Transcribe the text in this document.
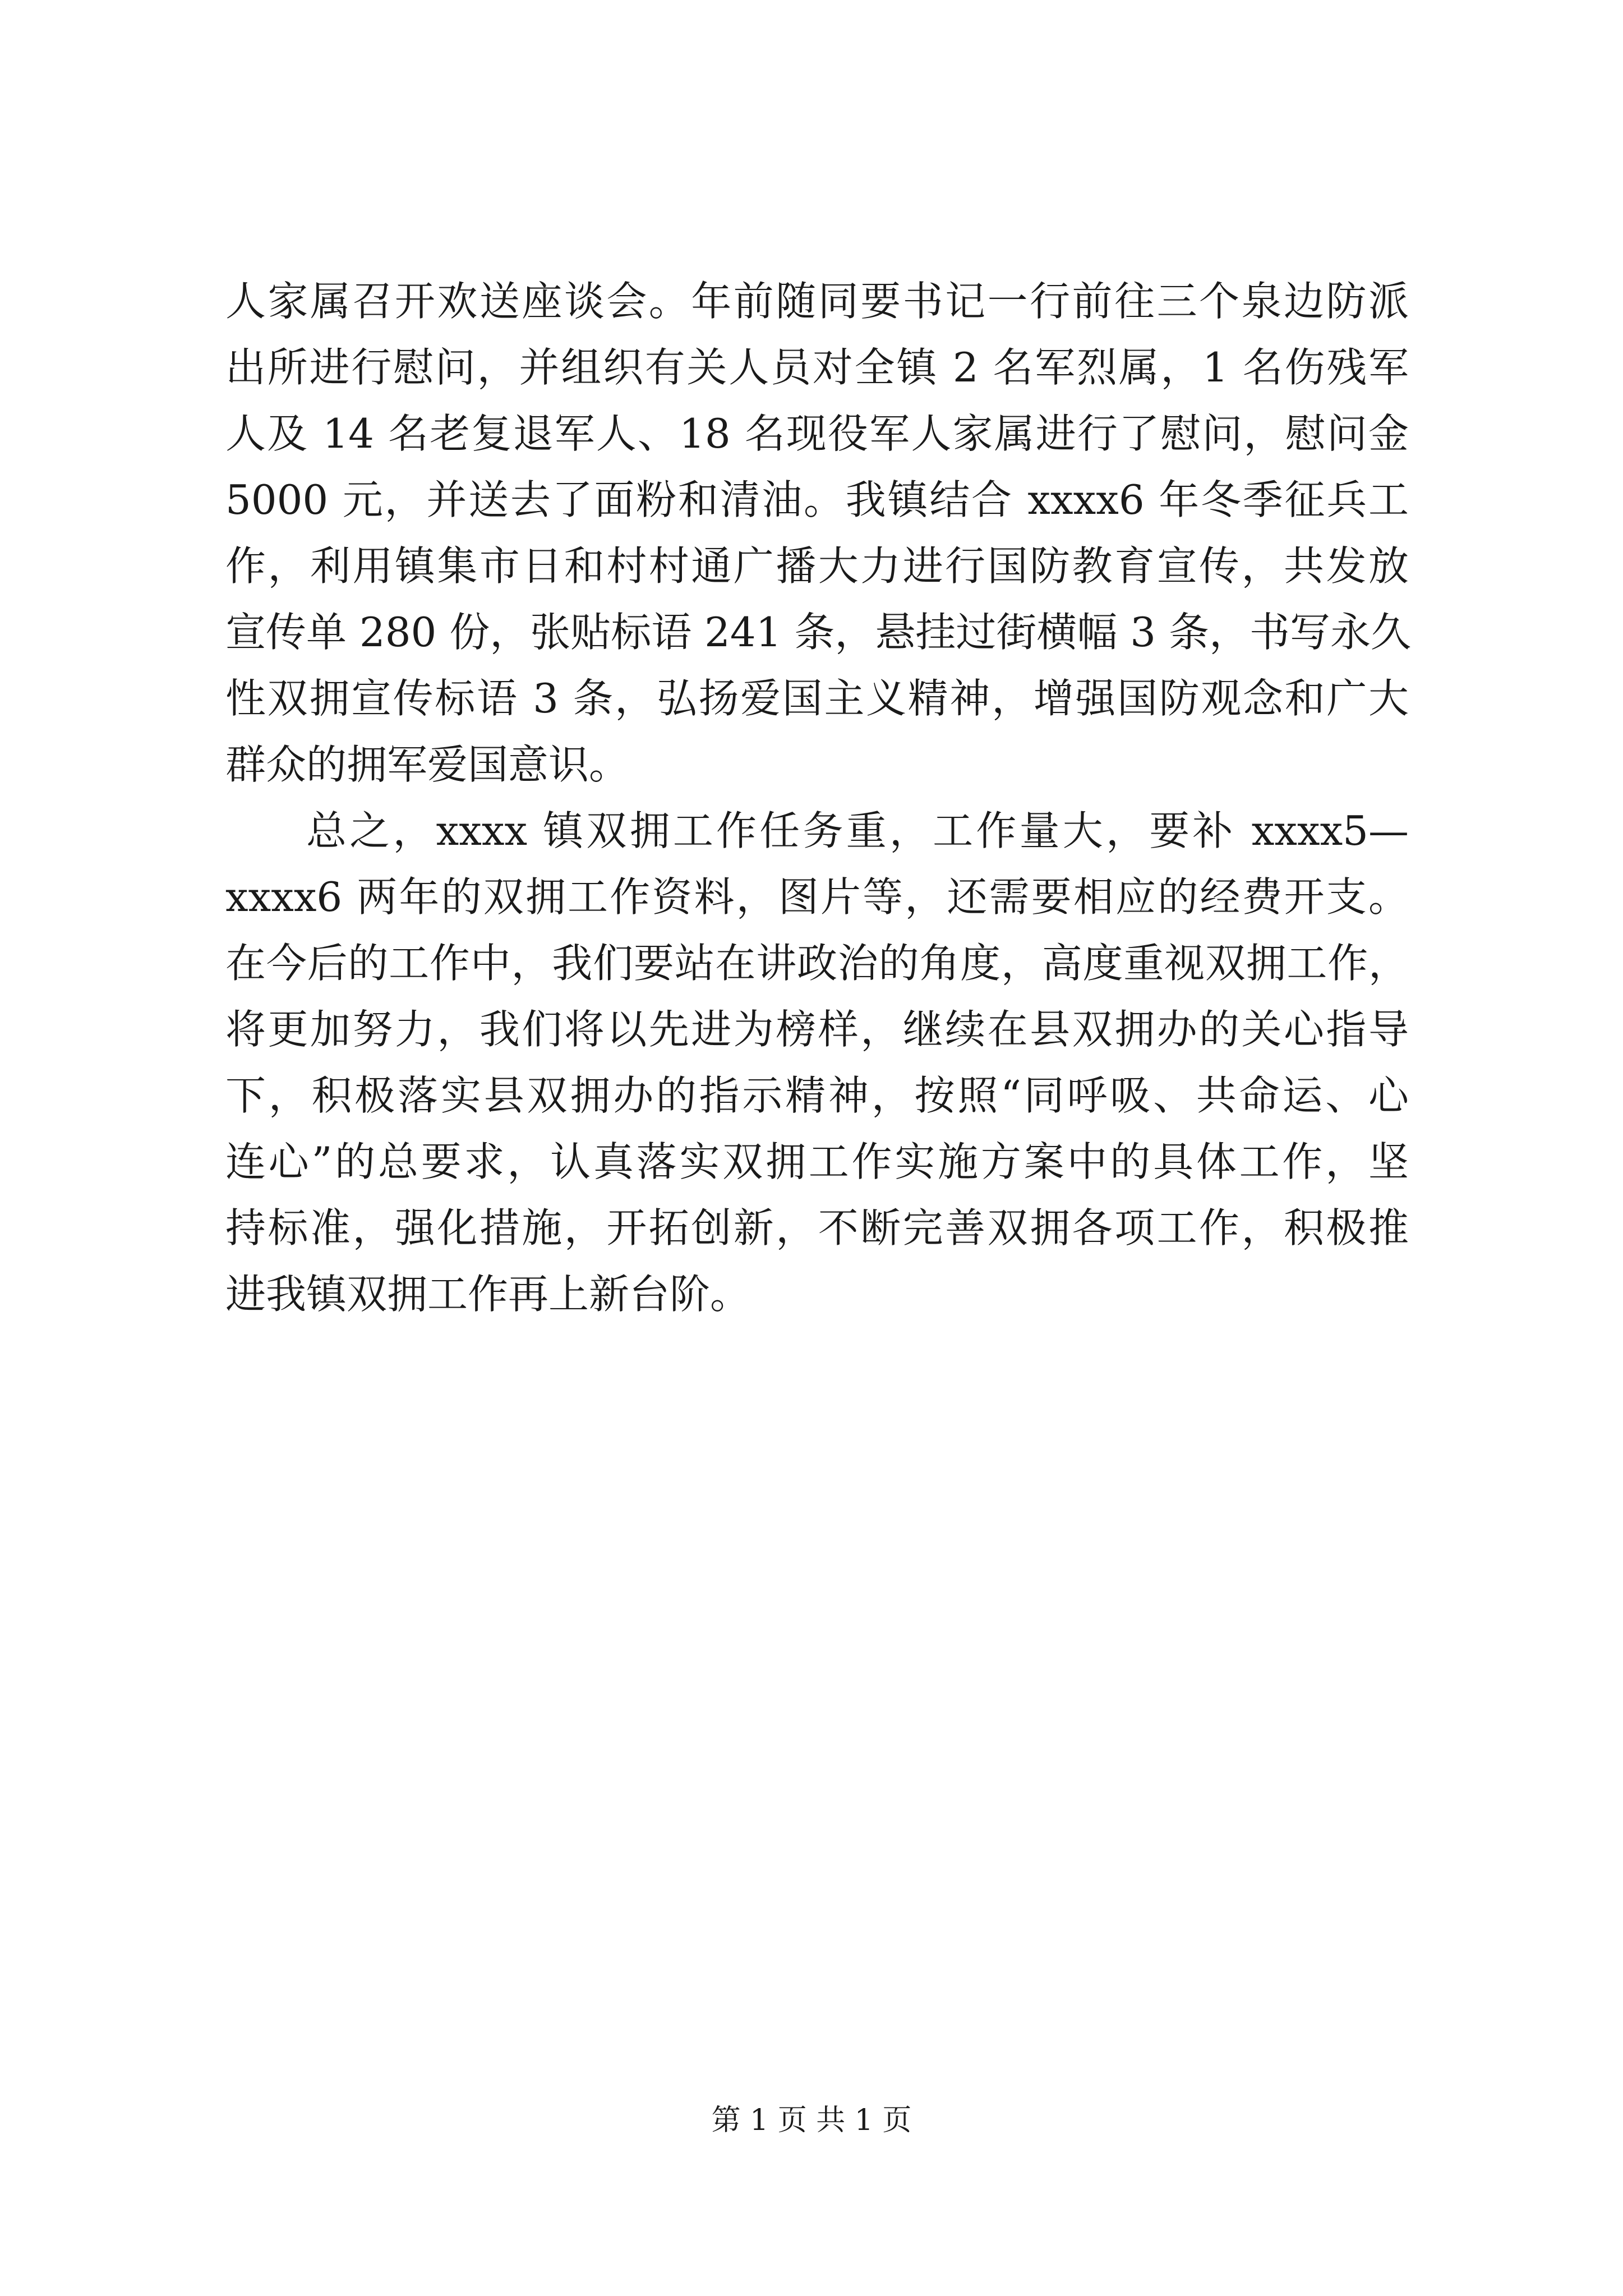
人家属召开欢送座谈会。年前随同要书记一行前往三个泉边防派
出所进行慰问，并组织有关人员对全镇 2 名军烈属，1 名伤残军
人及 14 名老复退军人、18 名现役军人家属进行了慰问，慰问金
5000 元，并送去了面粉和清油。我镇结合 xxxx6 年冬季征兵工
作，利用镇集市日和村村通广播大力进行国防教育宣传，共发放
宣传单 280 份，张贴标语 241 条，悬挂过街横幅 3 条，书写永久
性双拥宣传标语 3 条，弘扬爱国主义精神，增强国防观念和广大
群众的拥军爱国意识。
总之，xxxx 镇双拥工作任务重，工作量大，要补 xxxx5—
xxxx6 两年的双拥工作资料，图片等，还需要相应的经费开支。
在今后的工作中，我们要站在讲政治的角度，高度重视双拥工作，
将更加努力，我们将以先进为榜样，继续在县双拥办的关心指导
下，积极落实县双拥办的指示精神，按照“同呼吸、共命运、心
连心”的总要求，认真落实双拥工作实施方案中的具体工作，坚
持标准，强化措施，开拓创新，不断完善双拥各项工作，积极推
进我镇双拥工作再上新台阶。
第 1 页 共 1 页
